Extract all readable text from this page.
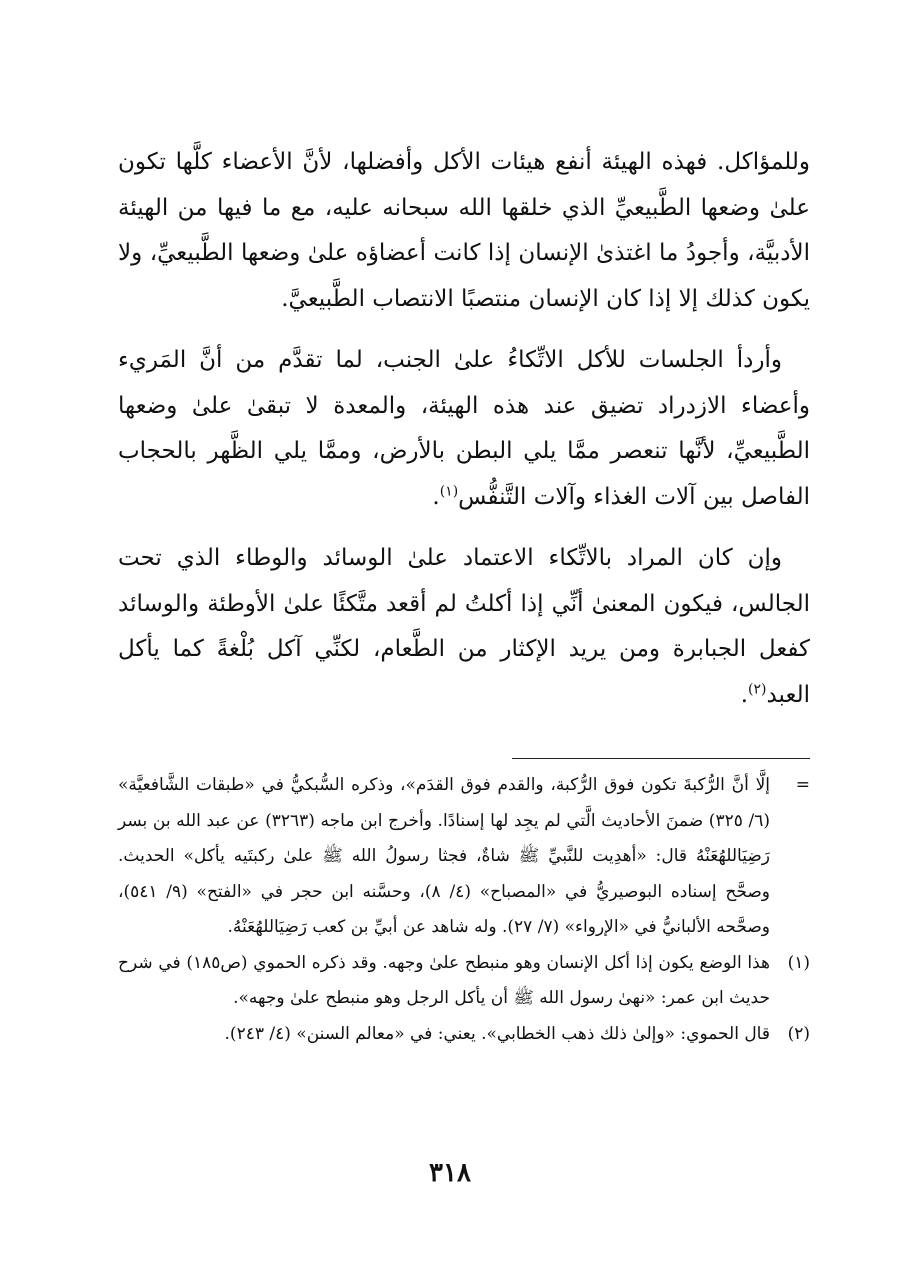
وللمؤاكل. فهذه الهيئة أنفع هيئات الأكل وأفضلها، لأنَّ الأعضاء كلَّها تكون علىٰ وضعها الطَّبيعيِّ الذي خلقها الله سبحانه عليه، مع ما فيها من الهيئة الأدبيَّة، وأجودُ ما اغتذىٰ الإنسان إذا كانت أعضاؤه علىٰ وضعها الطَّبيعيِّ، ولا يكون كذلك إلا إذا كان الإنسان منتصبًا الانتصاب الطَّبيعيَّ.

وأردأ الجلسات للأكل الاتِّكاءُ علىٰ الجنب، لما تقدَّم من أنَّ المَريء وأعضاء الازدراد تضيق عند هذه الهيئة، والمعدة لا تبقىٰ علىٰ وضعها الطَّبيعيِّ، لأنَّها تنعصر ممَّا يلي البطن بالأرض، وممَّا يلي الظَّهر بالحجاب الفاصل بين آلات الغذاء وآلات التَّنفُّس$^{(١)}$.

وإن كان المراد بالاتِّكاء الاعتماد علىٰ الوسائد والوطاء الذي تحت الجالس، فيكون المعنىٰ أنِّي إذا أكلتُ لم أقعد متَّكئًا علىٰ الأوطئة والوسائد كفعل الجبابرة ومن يريد الإكثار من الطَّعام، لكنِّي آكل بُلْغةً كما يأكل العبد$^{(٢)}$.

=
إلَّا أنَّ الرُّكبةَ تكون فوق الرُّكبة، والقدم فوق القدَم»، وذكره السُّبكيُّ في «طبقات الشَّافعيَّة» (٦/ ٣٢٥) ضمنَ الأحاديث الَّتي لم يجِد لها إسنادًا. وأخرج ابن ماجه (٣٢٦٣) عن عبد الله بن بسر رَضِيَاللهُعَنْهُ قال: «أهدِيت للنَّبيِّ ﷺ شاةٌ، فجثا رسولُ الله ﷺ علىٰ ركبتَيه يأكل» الحديث. وصحَّح إسناده البوصيريُّ في «المصباح» (٤/ ٨)، وحسَّنه ابن حجر في «الفتح» (٩/ ٥٤١)، وصحَّحه الألبانيُّ في «الإرواء» (٧/ ٢٧). وله شاهد عن أبيِّ بن كعب رَضِيَاللهُعَنْهُ.
(١)
هذا الوضع يكون إذا أكل الإنسان وهو منبطح علىٰ وجهه. وقد ذكره الحموي (ص١٨٥) في شرح حديث ابن عمر: «نهىٰ رسول الله ﷺ أن يأكل الرجل وهو منبطح علىٰ وجهه».
(٢)
قال الحموي: «وإلىٰ ذلك ذهب الخطابي». يعني: في «معالم السنن» (٤/ ٢٤٣).
٣١٨
